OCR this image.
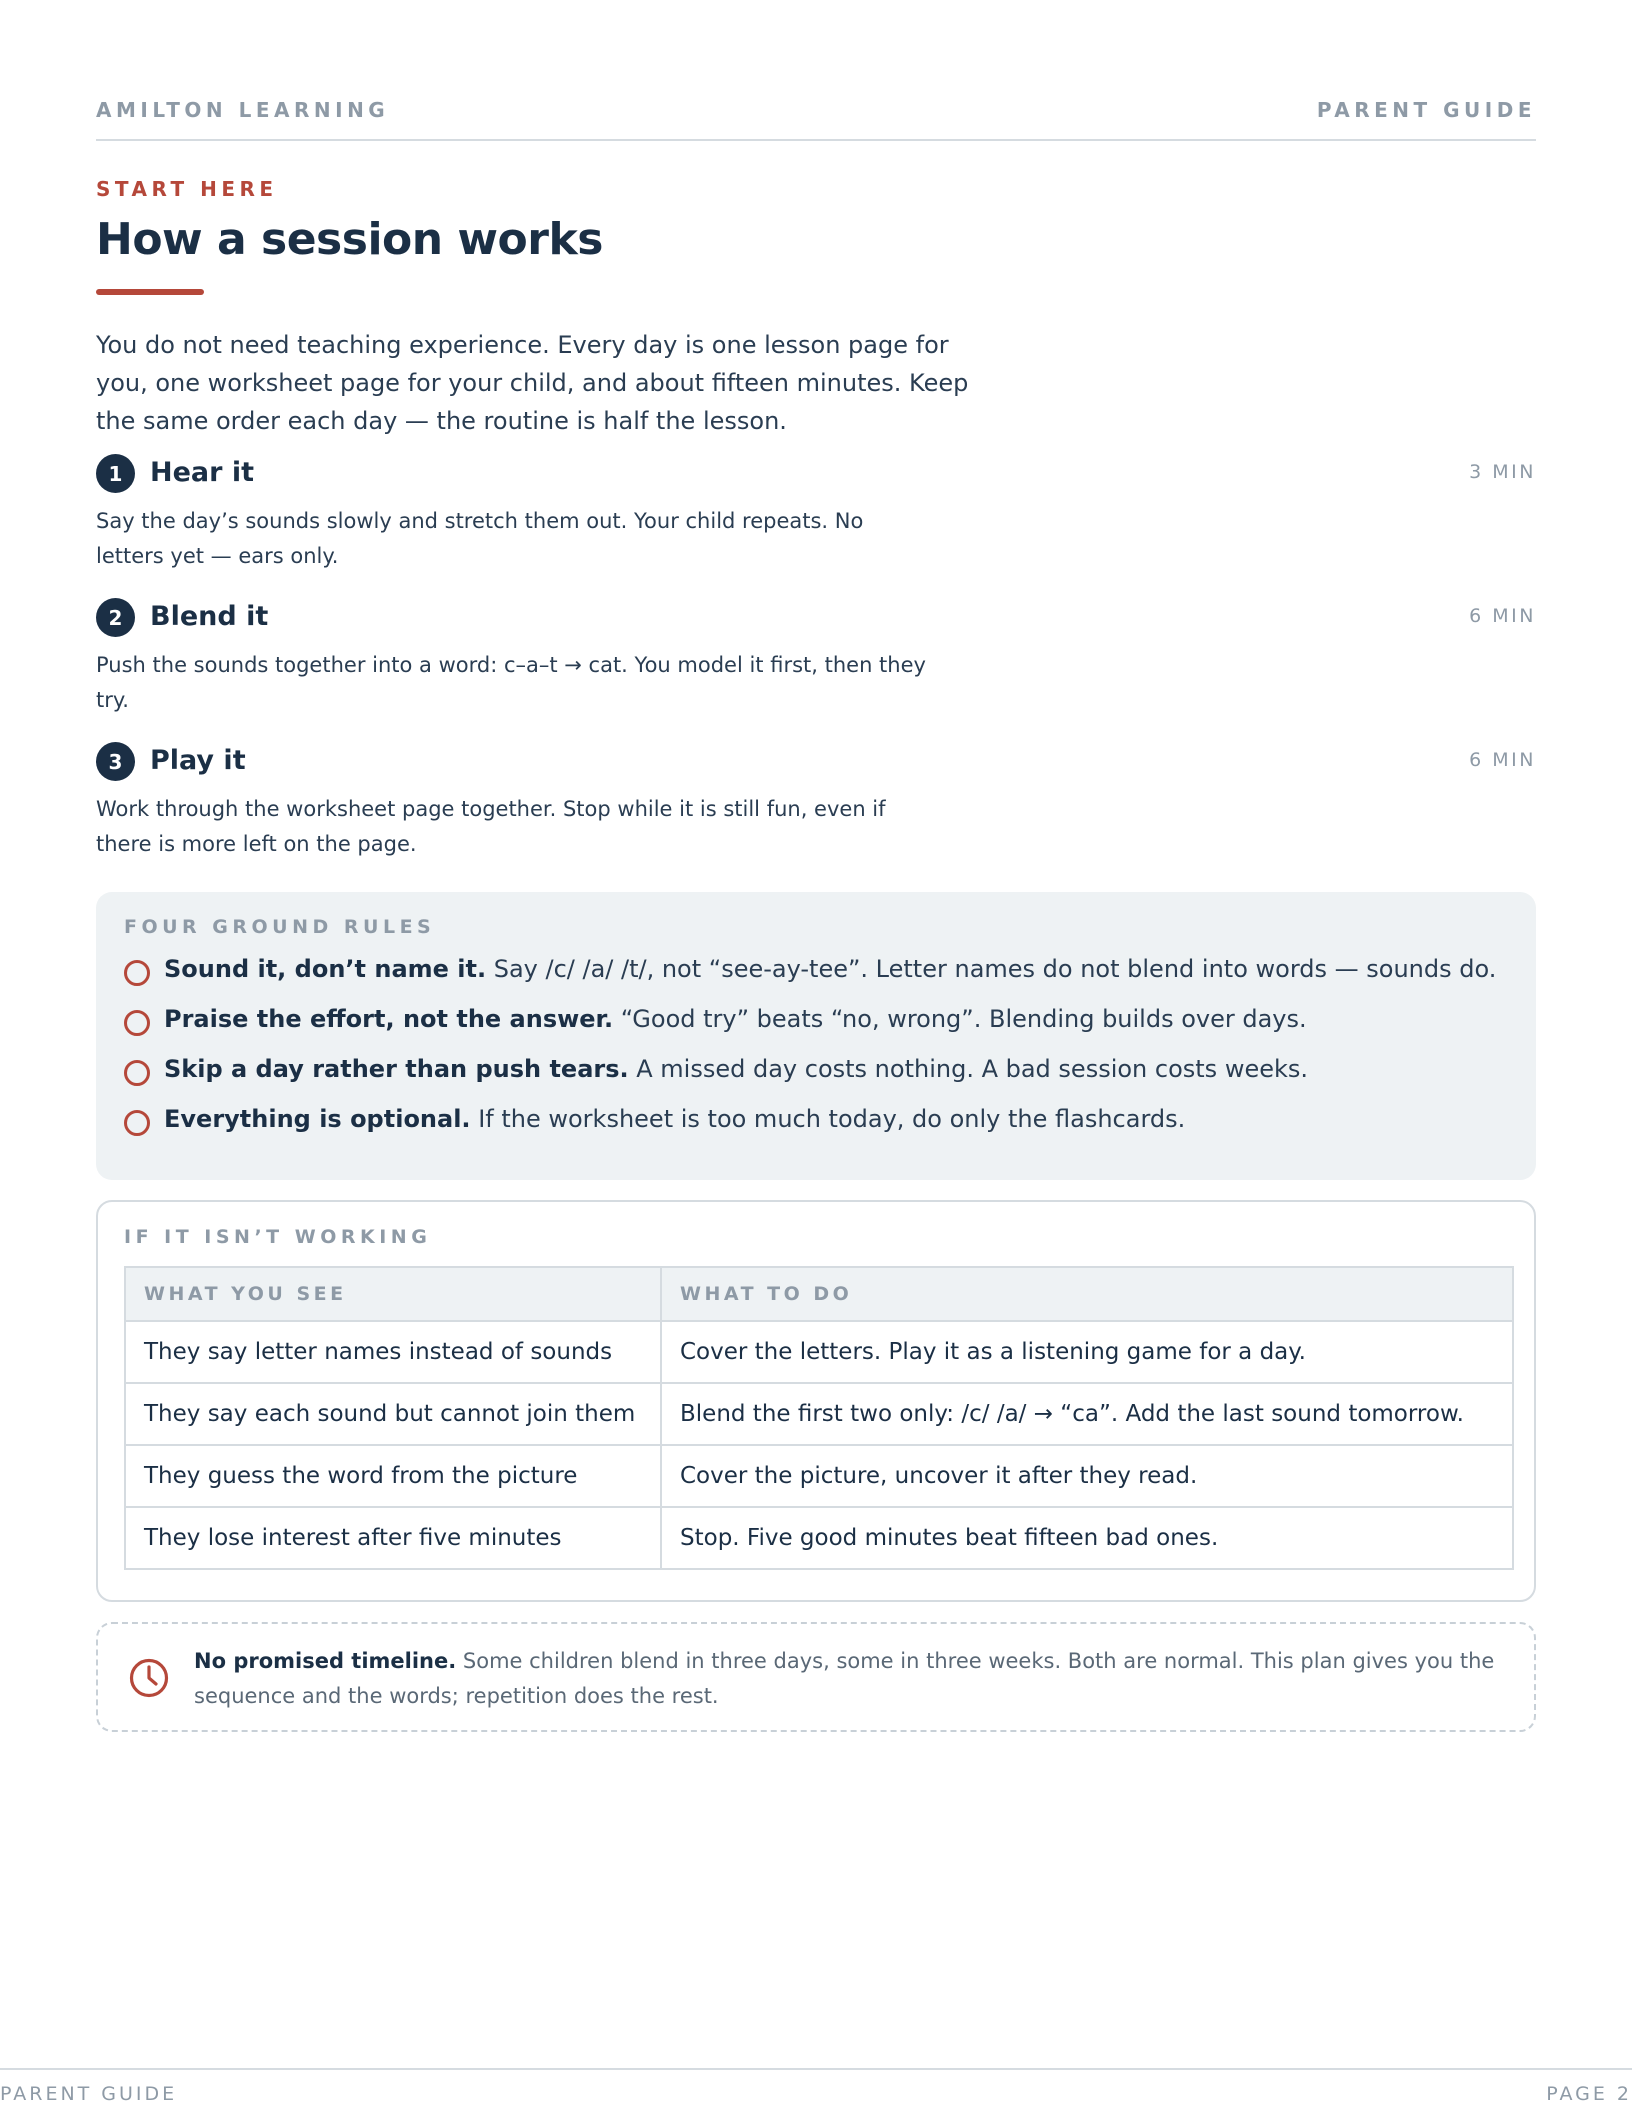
AMILTON LEARNING	PARENT GUIDE
START HERE
How a session works

You do not need teaching experience. Every day is one lesson page for you, one worksheet page for your child, and about fifteen minutes. Keep the same order each day — the routine is half the lesson.

1	Hear it	3 MIN

Say the day’s sounds slowly and stretch them out. Your child repeats. No letters yet — ears only.

2	Blend it	6 MIN

Push the sounds together into a word: c–a–t → cat. You model it first, then they try.

3	Play it	6 MIN

Work through the worksheet page together. Stop while it is still fun, even if there is more left on the page.

FOUR GROUND RULES
Sound it, don’t name it. Say /c/ /a/ /t/, not “see-ay-tee”. Letter names do not blend into words — sounds do.
Praise the effort, not the answer. “Good try” beats “no, wrong”. Blending builds over days.
Skip a day rather than push tears. A missed day costs nothing. A bad session costs weeks.
Everything is optional. If the worksheet is too much today, do only the flashcards.
IF IT ISN’T WORKING
WHAT YOU SEE	WHAT TO DO
They say letter names instead of sounds	Cover the letters. Play it as a listening game for a day.
They say each sound but cannot join them	Blend the first two only: /c/ /a/ → “ca”. Add the last sound tomorrow.
They guess the word from the picture	Cover the picture, uncover it after they read.
They lose interest after five minutes	Stop. Five good minutes beat fifteen bad ones.

No promised timeline. Some children blend in three days, some in three weeks. Both are normal. This plan gives you the sequence and the words; repetition does the rest.

PARENT GUIDE	PAGE 2
